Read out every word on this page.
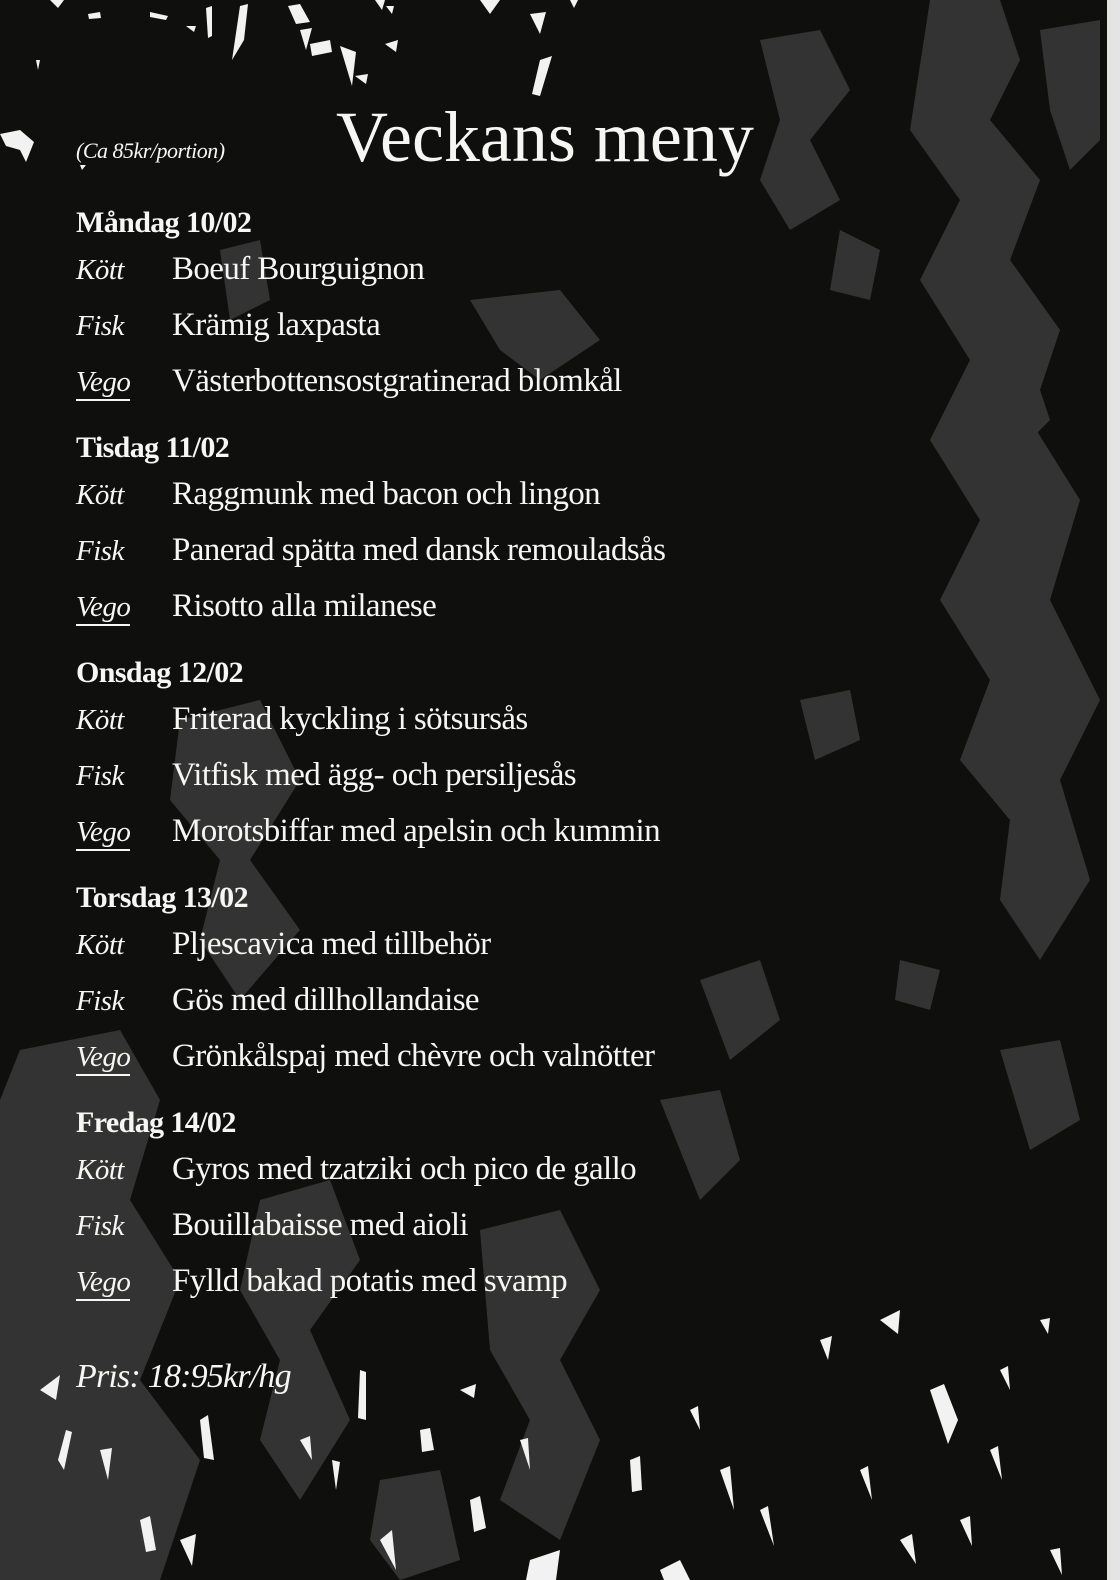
(Ca 85kr/portion) Veckans meny
Måndag 10/02
Kött	Boeuf Bourguignon
Fisk	Krämig laxpasta
Vego	Västerbottensostgratinerad blomkål
Tisdag 11/02
Kött	Raggmunk med bacon och lingon
Fisk	Panerad spätta med dansk remouladsås
Vego	Risotto alla milanese
Onsdag 12/02
Kött	Friterad kyckling i sötsursås
Fisk	Vitfisk med ägg- och persiljesås
Vego	Morotsbiffar med apelsin och kummin
Torsdag 13/02
Kött	Pljescavica med tillbehör
Fisk	Gös med dillhollandaise
Vego	Grönkålspaj med chèvre och valnötter
Fredag 14/02
Kött	Gyros med tzatziki och pico de gallo
Fisk	Bouillabaisse med aioli
Vego	Fylld bakad potatis med svamp
Pris: 18:95kr/hg
